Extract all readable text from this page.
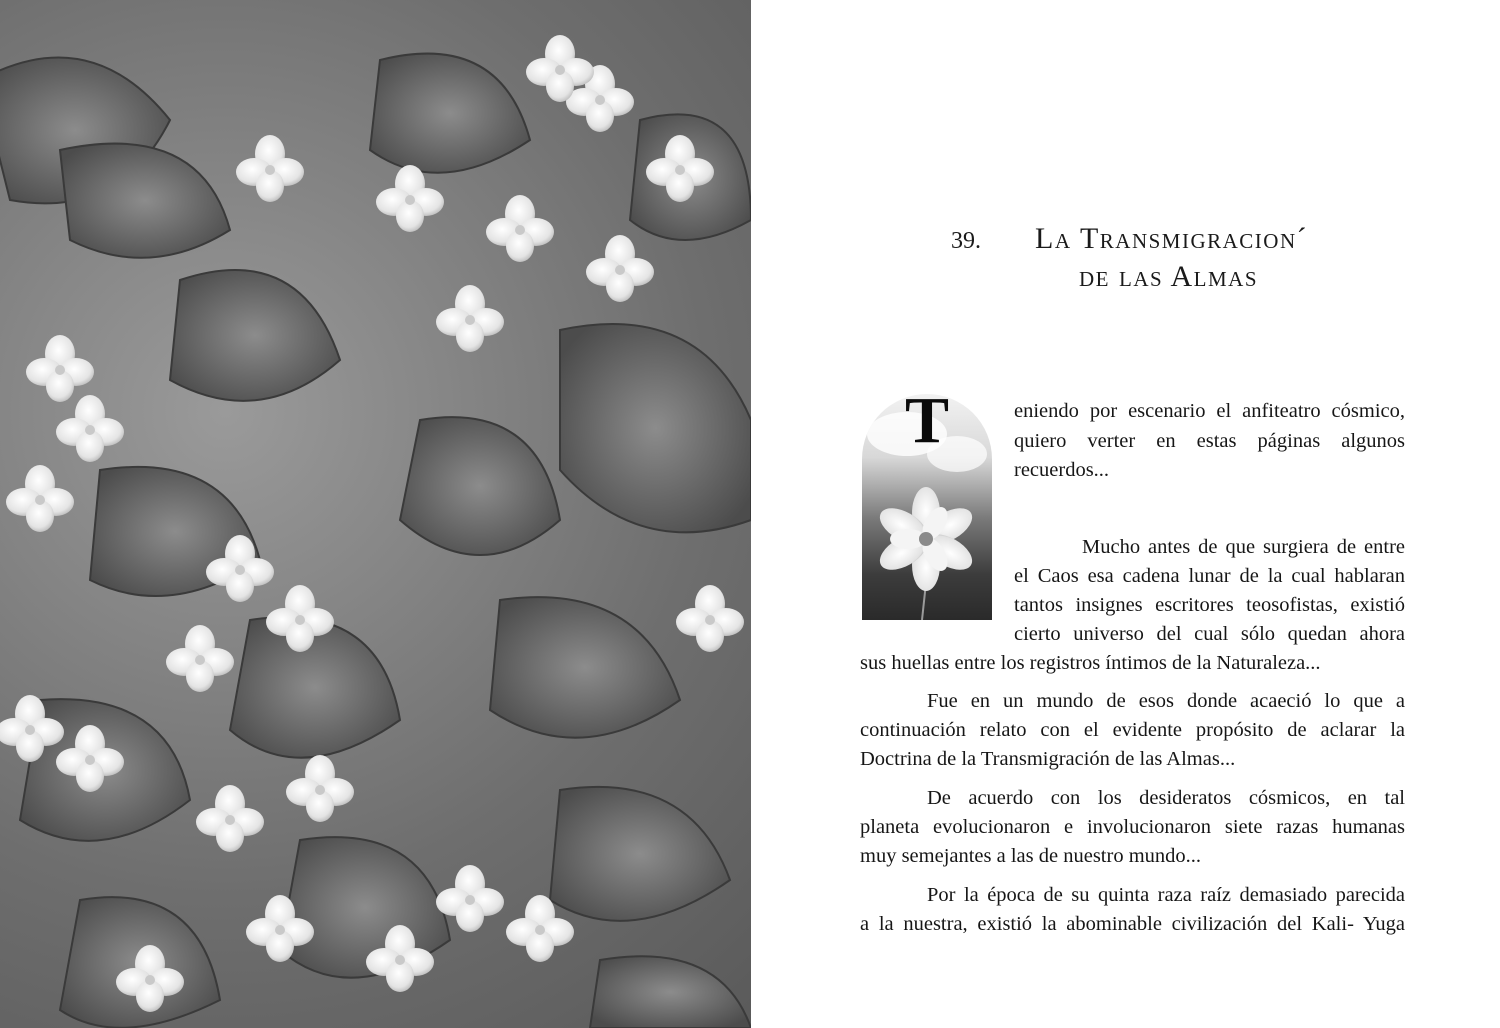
39.	La Transmigracion´
de las Almas
T	eniendo por escenario el anfiteatro cósmico,
quiero verter en estas páginas algunos
recuerdos...
Mucho antes de que surgiera de entre
el Caos esa cadena lunar de la cual hablaran
tantos insignes escritores teosofistas, existió
cierto universo del cual sólo quedan ahora
sus huellas entre los registros íntimos de la Naturaleza...
Fue en un mundo de esos donde acaeció lo que a
continuación relato con el evidente propósito de aclarar la
Doctrina de la Transmigración de las Almas...
De acuerdo con los desideratos cósmicos, en tal
planeta evolucionaron e involucionaron siete razas humanas
muy semejantes a las de nuestro mundo...
Por la época de su quinta raza raíz demasiado parecida
a la nuestra, existió la abominable civilización del Kali- Yuga
